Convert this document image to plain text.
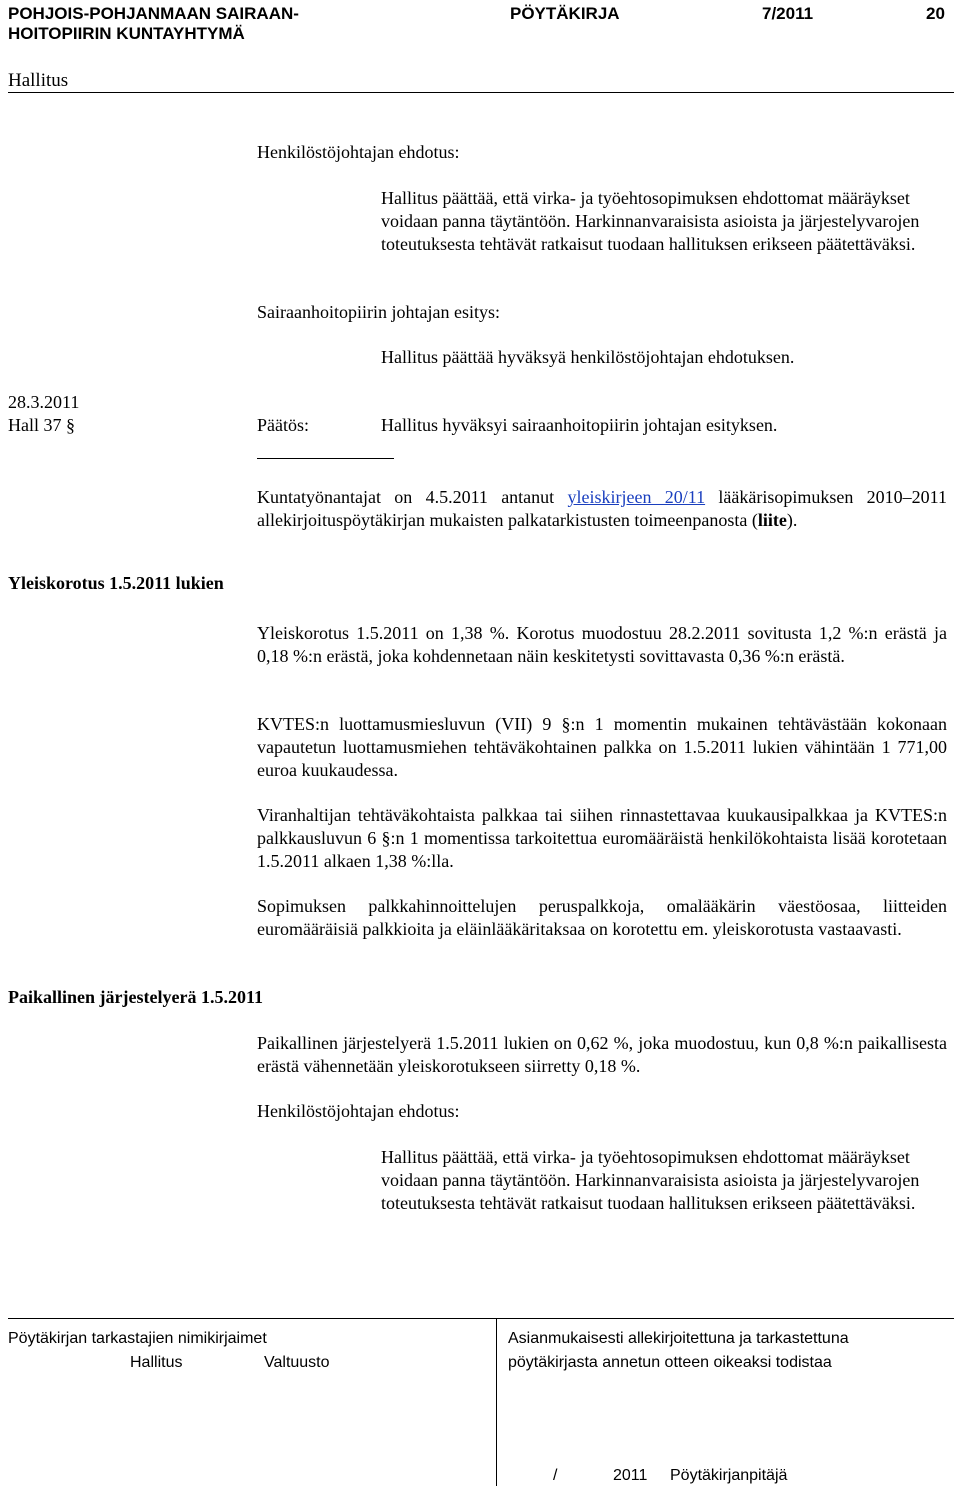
POHJOIS-POHJANMAAN SAIRAAN-
HOITOPIIRIN KUNTAYHTYMÄ
PÖYTÄKIRJA	7/2011	20
Hallitus
Henkilöstöjohtajan ehdotus:
Hallitus päättää, että virka- ja työehtosopimuksen ehdottomat määräykset voidaan panna täytäntöön. Harkinnanvaraisista asioista ja järjestelyvarojen toteutuksesta tehtävät ratkaisut tuodaan hallituksen erikseen päätettäväksi.
Sairaanhoitopiirin johtajan esitys:
Hallitus päättää hyväksyä henkilöstöjohtajan ehdotuksen.
28.3.2011
Hall 37 §	Päätös:	Hallitus hyväksyi sairaanhoitopiirin johtajan esityksen.
Kuntatyönantajat on 4.5.2011 antanut yleiskirjeen 20/11 lääkärisopimuksen 2010–2011 allekirjoituspöytäkirjan mukaisten palkatarkistusten toimeenpanosta (liite).
Yleiskorotus 1.5.2011 lukien
Yleiskorotus 1.5.2011 on 1,38 %. Korotus muodostuu 28.2.2011 sovitusta 1,2 %:n erästä ja 0,18 %:n erästä, joka kohdennetaan näin keskitetysti sovittavasta 0,36 %:n erästä.
KVTES:n luottamusmiesluvun (VII) 9 §:n 1 momentin mukainen tehtävästään kokonaan vapautetun luottamusmiehen tehtäväkohtainen palkka on 1.5.2011 lukien vähintään 1 771,00 euroa kuukaudessa.
Viranhaltijan tehtäväkohtaista palkkaa tai siihen rinnastettavaa kuukausipalkkaa ja KVTES:n palkkausluvun 6 §:n 1 momentissa tarkoitettua euromääräistä henkilökohtaista lisää korotetaan 1.5.2011 alkaen 1,38 %:lla.
Sopimuksen palkkahinnoittelujen peruspalkkoja, omalääkärin väestöosaa, liitteiden euromääräisiä palkkioita ja eläinlääkäritaksaa on korotettu em. yleiskorotusta vastaavasti.
Paikallinen järjestelyerä 1.5.2011
Paikallinen järjestelyerä 1.5.2011 lukien on 0,62 %, joka muodostuu, kun 0,8 %:n paikallisesta erästä vähennetään yleiskorotukseen siirretty 0,18 %.
Henkilöstöjohtajan ehdotus:
Hallitus päättää, että virka- ja työehtosopimuksen ehdottomat määräykset voidaan panna täytäntöön. Harkinnanvaraisista asioista ja järjestelyvarojen toteutuksesta tehtävät ratkaisut tuodaan hallituksen erikseen päätettäväksi.
Pöytäkirjan tarkastajien nimikirjaimet
Hallitus	Valtuusto
Asianmukaisesti allekirjoitettuna ja tarkastettuna
pöytäkirjasta annetun otteen oikeaksi todistaa
/	2011 Pöytäkirjanpitäjä
